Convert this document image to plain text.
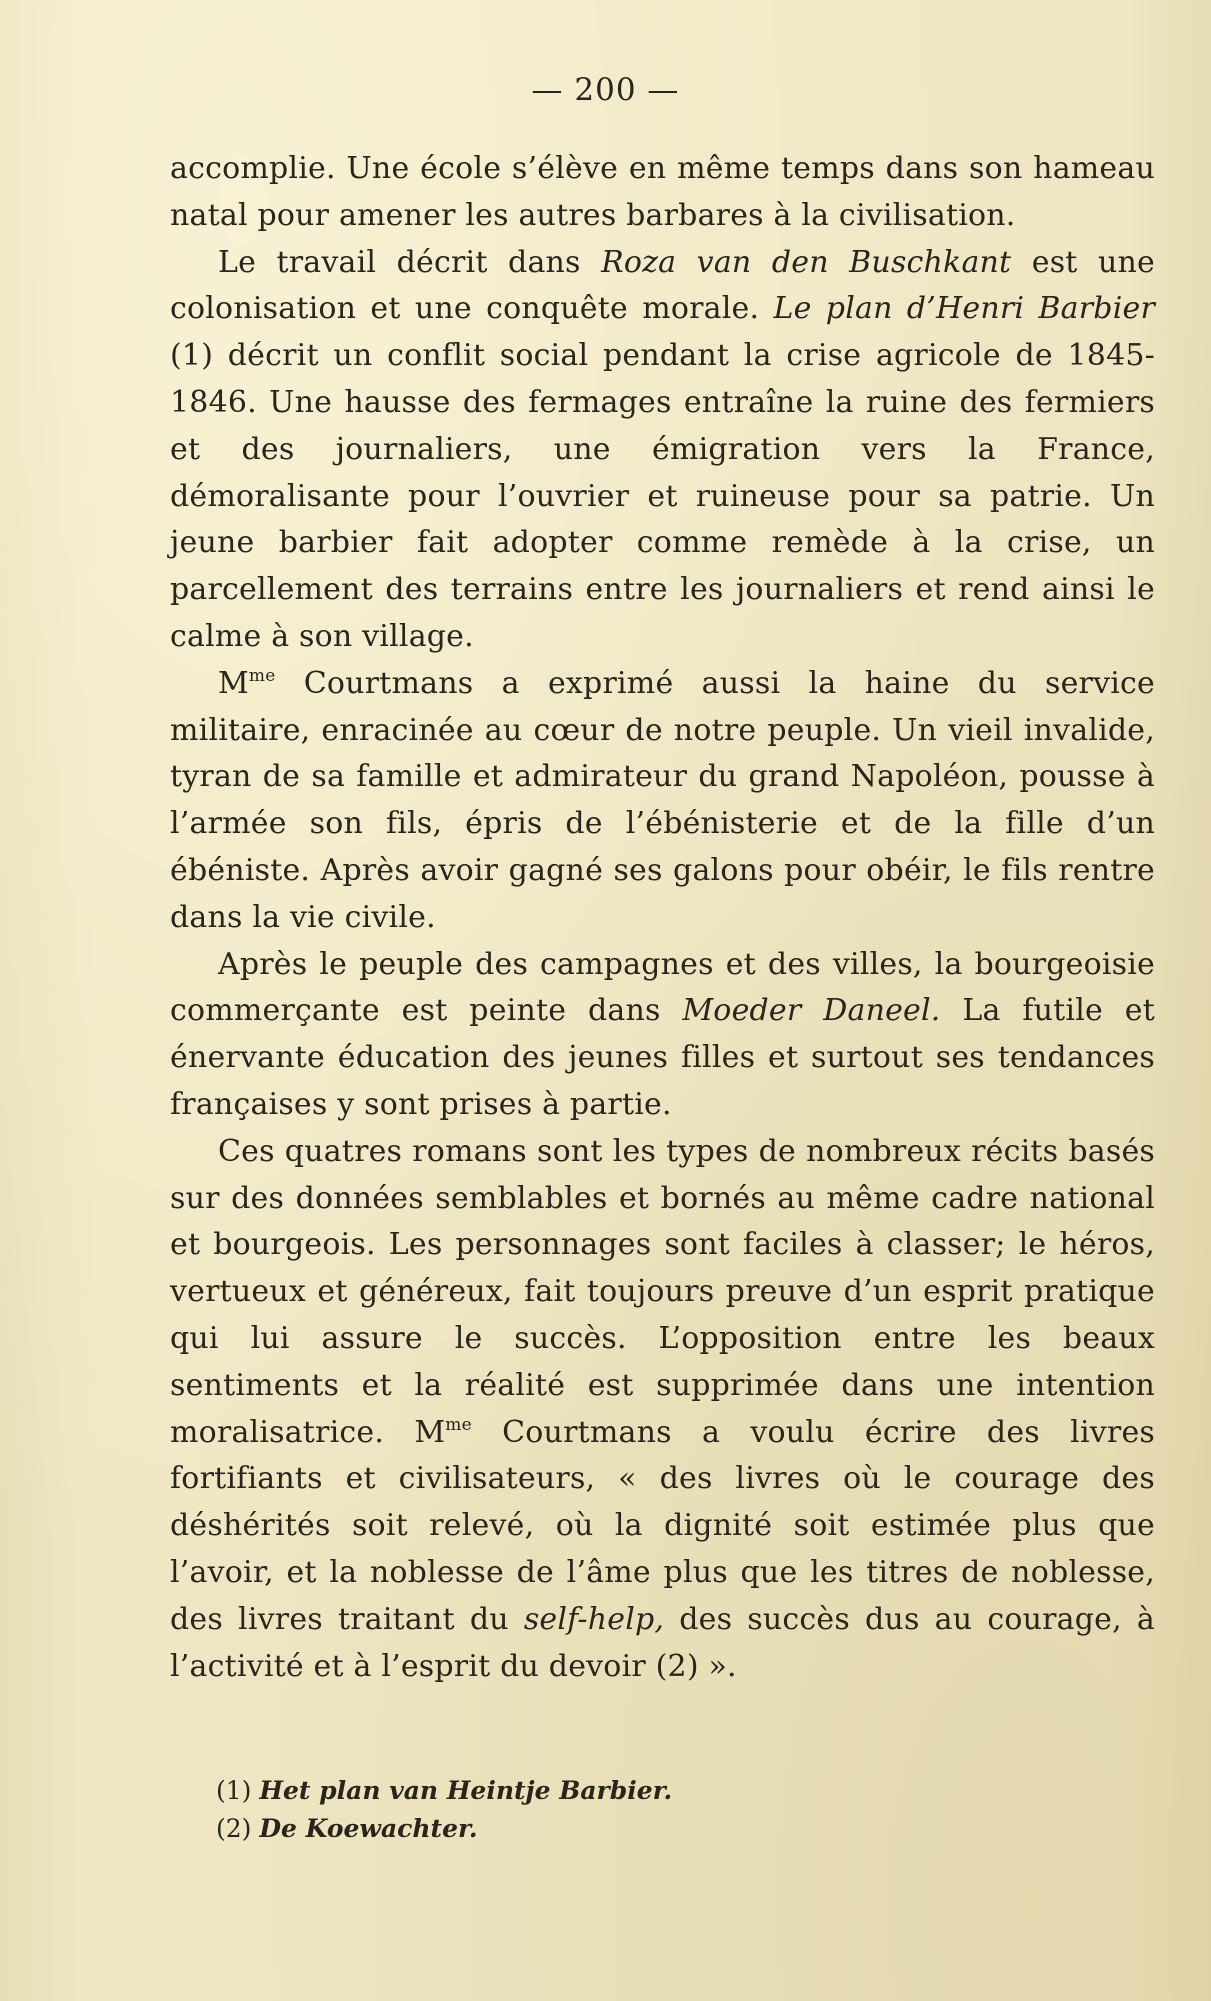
— 200 —

accomplie. Une école s’élève en même temps dans son hameau natal pour amener les autres barbares à la civilisation.

Le travail décrit dans Roza van den Buschkant est une colonisation et une conquête morale. Le plan d’Henri Barbier (1) décrit un conflit social pendant la crise agricole de 1845-1846. Une hausse des fermages entraîne la ruine des fermiers et des journaliers, une émigration vers la France, démoralisante pour l’ouvrier et ruineuse pour sa patrie. Un jeune barbier fait adopter comme remède à la crise, un parcellement des terrains entre les journaliers et rend ainsi le calme à son village.

$M^{me}$ Courtmans a exprimé aussi la haine du service militaire, enracinée au cœur de notre peuple. Un vieil invalide, tyran de sa famille et admirateur du grand Napoléon, pousse à l’armée son fils, épris de l’ébénisterie et de la fille d’un ébéniste. Après avoir gagné ses galons pour obéir, le fils rentre dans la vie civile.

Après le peuple des campagnes et des villes, la bourgeoisie commerçante est peinte dans Moeder Daneel. La futile et énervante éducation des jeunes filles et surtout ses tendances françaises y sont prises à partie.

Ces quatres romans sont les types de nombreux récits basés sur des données semblables et bornés au même cadre national et bourgeois. Les personnages sont faciles à classer; le héros, vertueux et généreux, fait toujours preuve d’un esprit pratique qui lui assure le succès. L’opposition entre les beaux sentiments et la réalité est supprimée dans une intention moralisatrice. $M^{me}$ Courtmans a voulu écrire des livres fortifiants et civilisateurs, « des livres où le courage des déshérités soit relevé, où la dignité soit estimée plus que l’avoir, et la noblesse de l’âme plus que les titres de noblesse, des livres traitant du self-help, des succès dus au courage, à l’activité et à l’esprit du devoir (2) ».

(1) Het plan van Heintje Barbier.

(2) De Koewachter.
